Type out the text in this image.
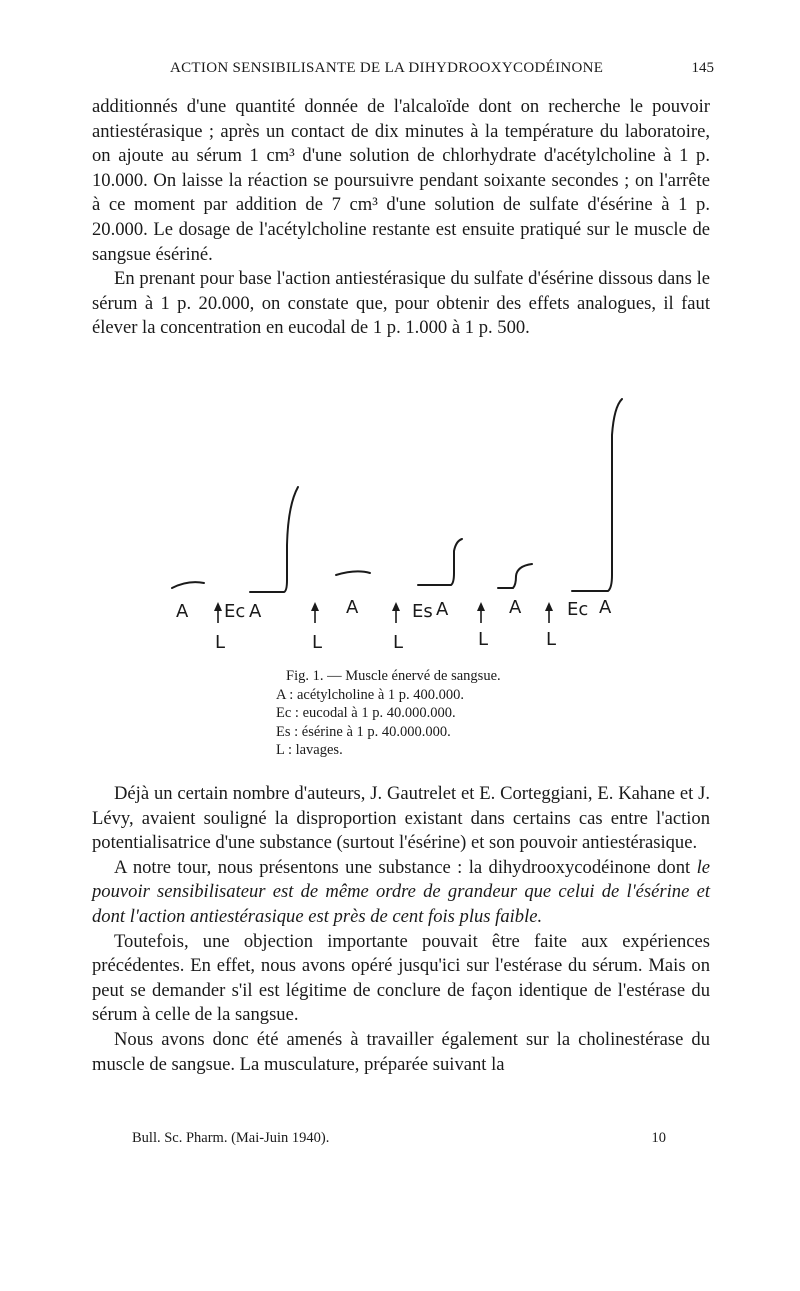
ACTION SENSIBILISANTE DE LA DIHYDROOXYCODÉINONE	145

additionnés d'une quantité donnée de l'alcaloïde dont on recherche le pouvoir antiestérasique ; après un contact de dix minutes à la température du laboratoire, on ajoute au sérum 1 cm³ d'une solution de chlorhydrate d'acétylcholine à 1 p. 10.000. On laisse la réaction se poursuivre pendant soixante secondes ; on l'arrête à ce moment par addition de 7 cm³ d'une solution de sulfate d'ésérine à 1 p. 20.000. Le dosage de l'acétylcholine restante est ensuite pratiqué sur le muscle de sangsue ésériné.

En prenant pour base l'action antiestérasique du sulfate d'ésérine dissous dans le sérum à 1 p. 20.000, on constate que, pour obtenir des effets analogues, il faut élever la concentration en eucodal de 1 p. 1.000 à 1 p. 500.

A Ec A	A	Es A	A	Ec A
L	L	L	L	L
Fig. 1. — Muscle énervé de sangsue.
A : acétylcholine à 1 p. 400.000.
Ec : eucodal à 1 p. 40.000.000.
Es : ésérine à 1 p. 40.000.000.
L : lavages.

Déjà un certain nombre d'auteurs, J. Gautrelet et E. Corteggiani, E. Kahane et J. Lévy, avaient souligné la disproportion existant dans certains cas entre l'action potentialisatrice d'une substance (surtout l'ésérine) et son pouvoir antiestérasique.

A notre tour, nous présentons une substance : la dihydrooxycodéinone dont le pouvoir sensibilisateur est de même ordre de grandeur que celui de l'ésérine et dont l'action antiestérasique est près de cent fois plus faible.

Toutefois, une objection importante pouvait être faite aux expériences précédentes. En effet, nous avons opéré jusqu'ici sur l'estérase du sérum. Mais on peut se demander s'il est légitime de conclure de façon identique de l'estérase du sérum à celle de la sangsue.

Nous avons donc été amenés à travailler également sur la cholinestérase du muscle de sangsue. La musculature, préparée suivant la

Bull. Sc. Pharm. (Mai-Juin 1940).	10
